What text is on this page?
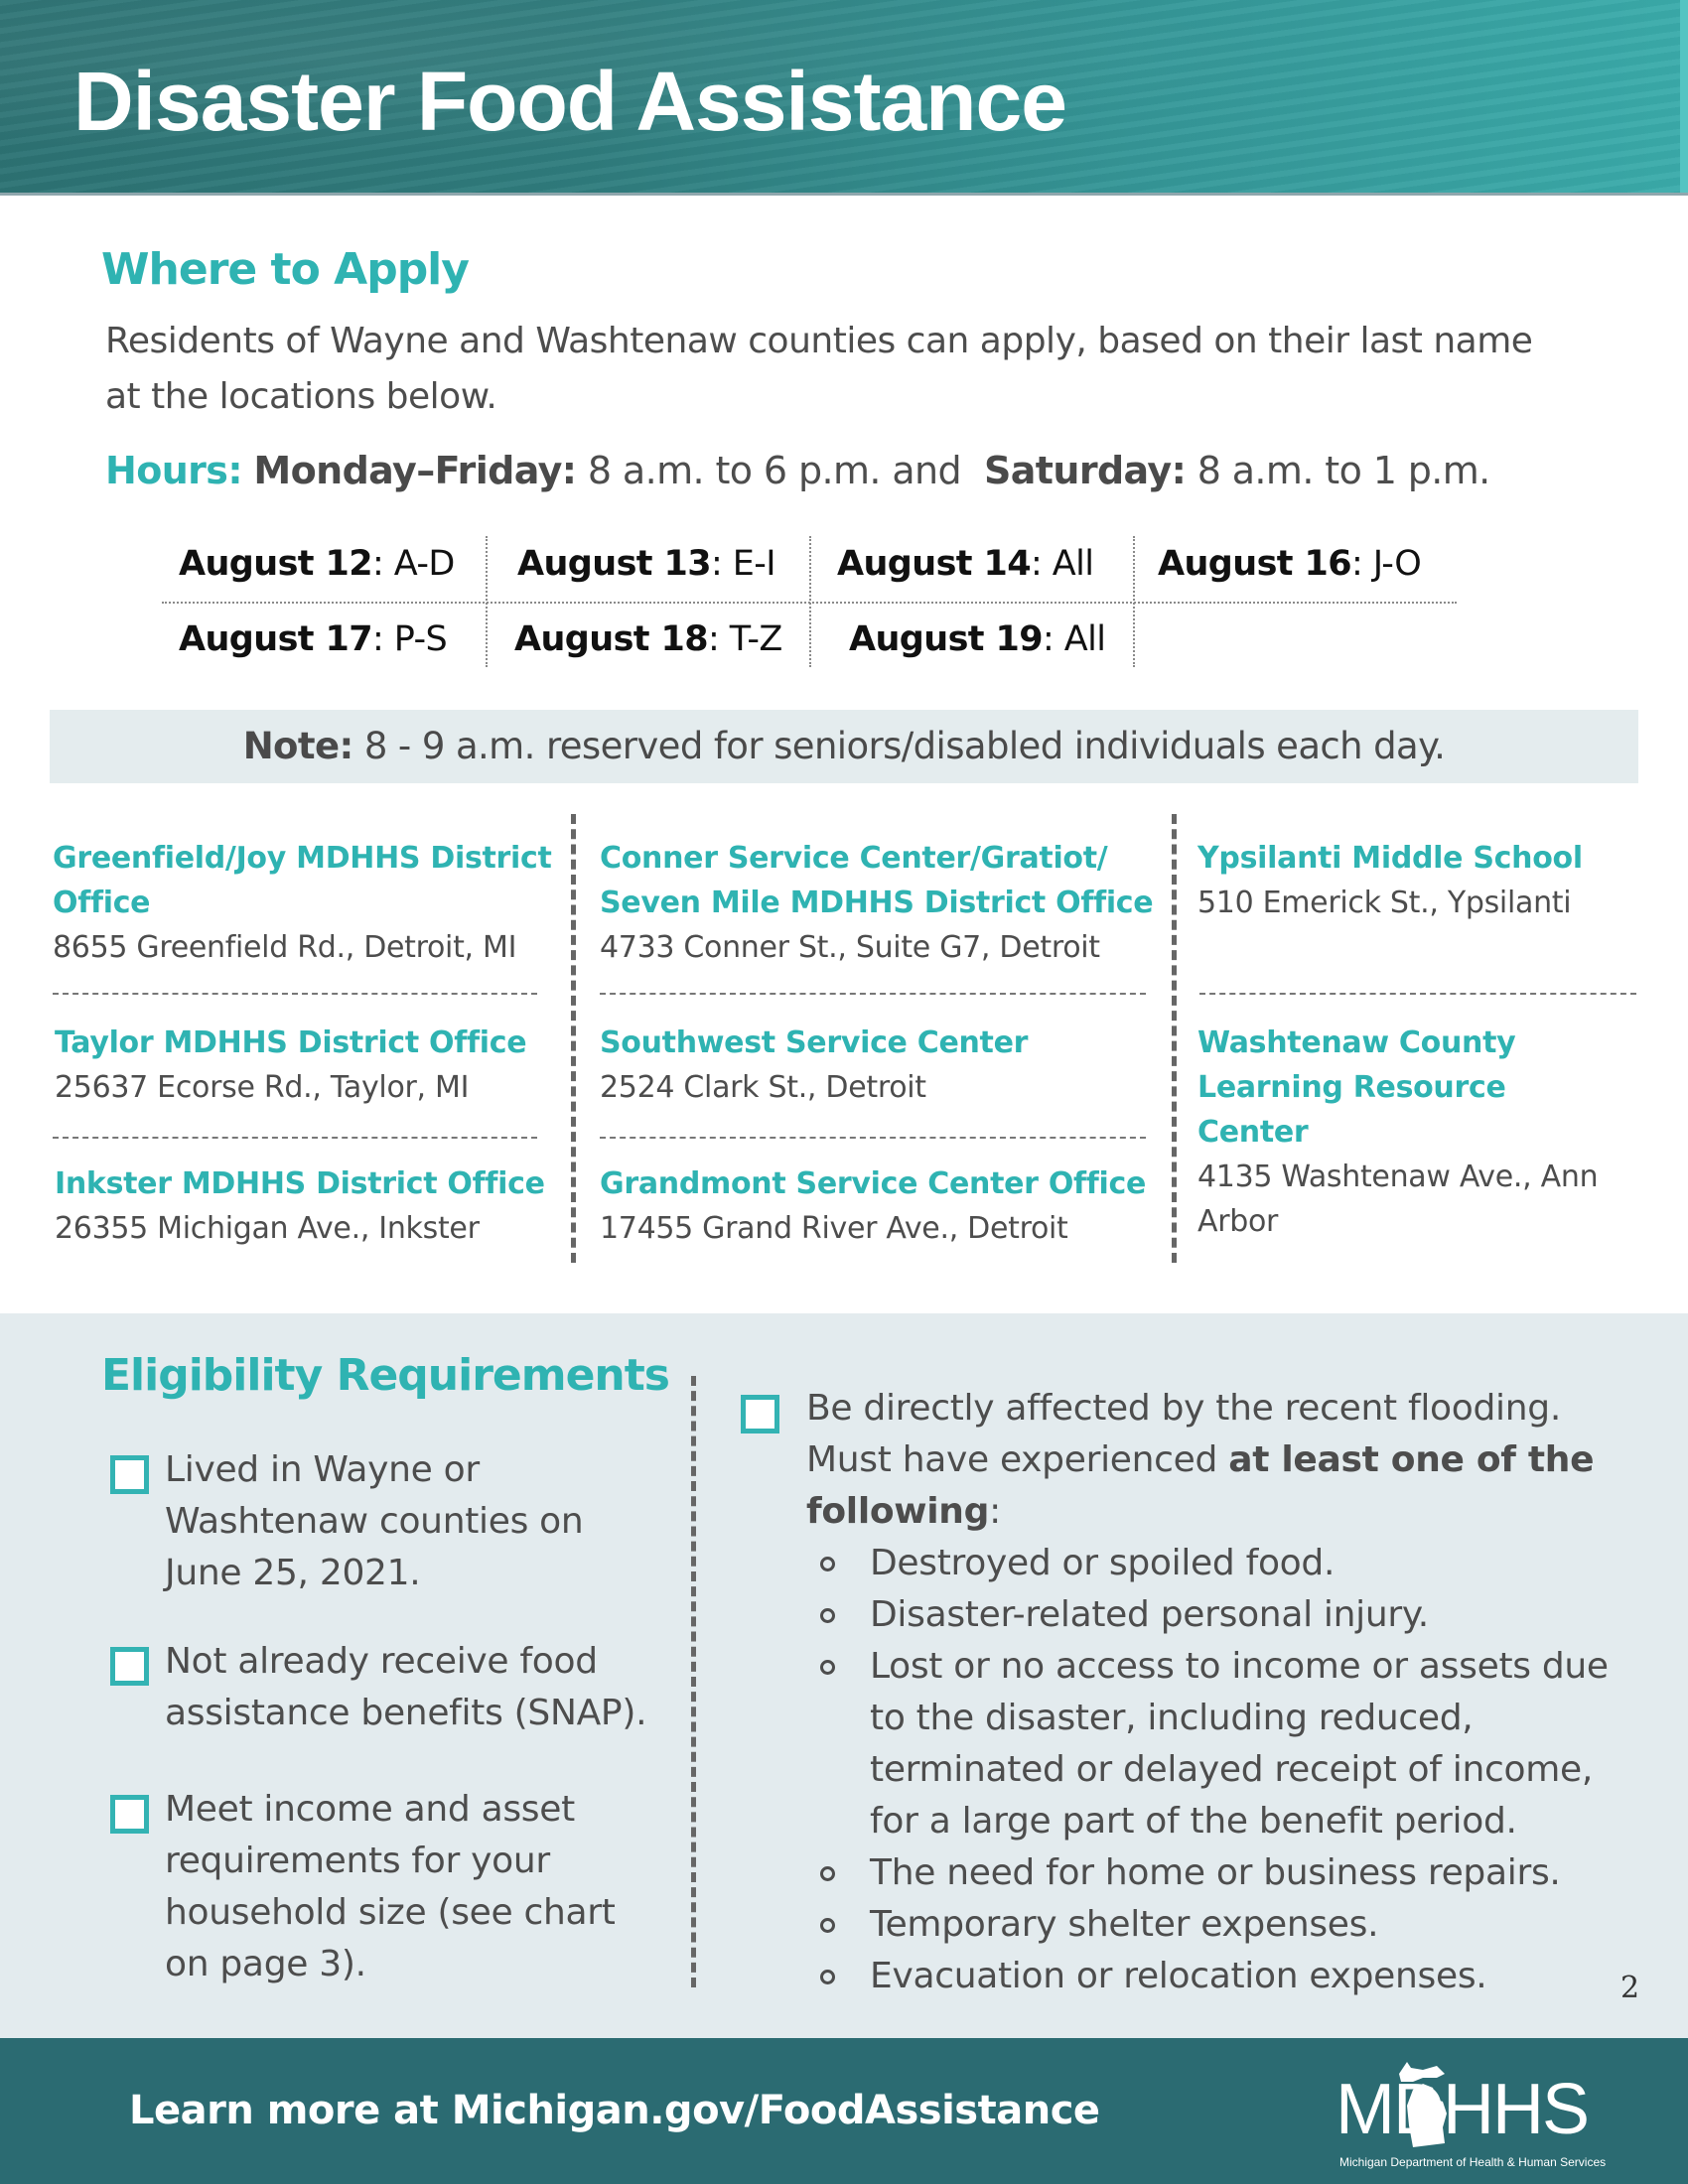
Disaster Food Assistance
Where to Apply

Residents of Wayne and Washtenaw counties can apply, based on their last name at the locations below.

Hours: Monday–Friday: 8 a.m. to 6 p.m. and Saturday: 8 a.m. to 1 p.m.
August 12: A-D August 13: E-I August 14: All August 16: J-O
August 17: P-S August 18: T-Z August 19: All
Note: 8 - 9 a.m. reserved for seniors/disabled individuals each day.
Greenfield/Joy MDHHS District Office
8655 Greenfield Rd., Detroit, MI
Taylor MDHHS District Office
25637 Ecorse Rd., Taylor, MI
Inkster MDHHS District Office
26355 Michigan Ave., Inkster
Conner Service Center/Gratiot/ Seven Mile MDHHS District Office
4733 Conner St., Suite G7, Detroit
Southwest Service Center
2524 Clark St., Detroit
Grandmont Service Center Office
17455 Grand River Ave., Detroit
Ypsilanti Middle School
510 Emerick St., Ypsilanti
Washtenaw County Learning Resource Center
4135 Washtenaw Ave., Ann Arbor
Eligibility Requirements
Lived in Wayne or Washtenaw counties on June 25, 2021.
Not already receive food assistance benefits (SNAP).
Meet income and asset requirements for your household size (see chart on page 3).
Be directly affected by the recent flooding. Must have experienced at least one of the following:
Destroyed or spoiled food.
Disaster-related personal injury.
Lost or no access to income or assets due to the disaster, including reduced, terminated or delayed receipt of income, for a large part of the benefit period.
The need for home or business repairs.
Temporary shelter expenses.
Evacuation or relocation expenses.	2
Learn more at Michigan.gov/FoodAssistance	MDHHS
Michigan Department of Health & Human Services
